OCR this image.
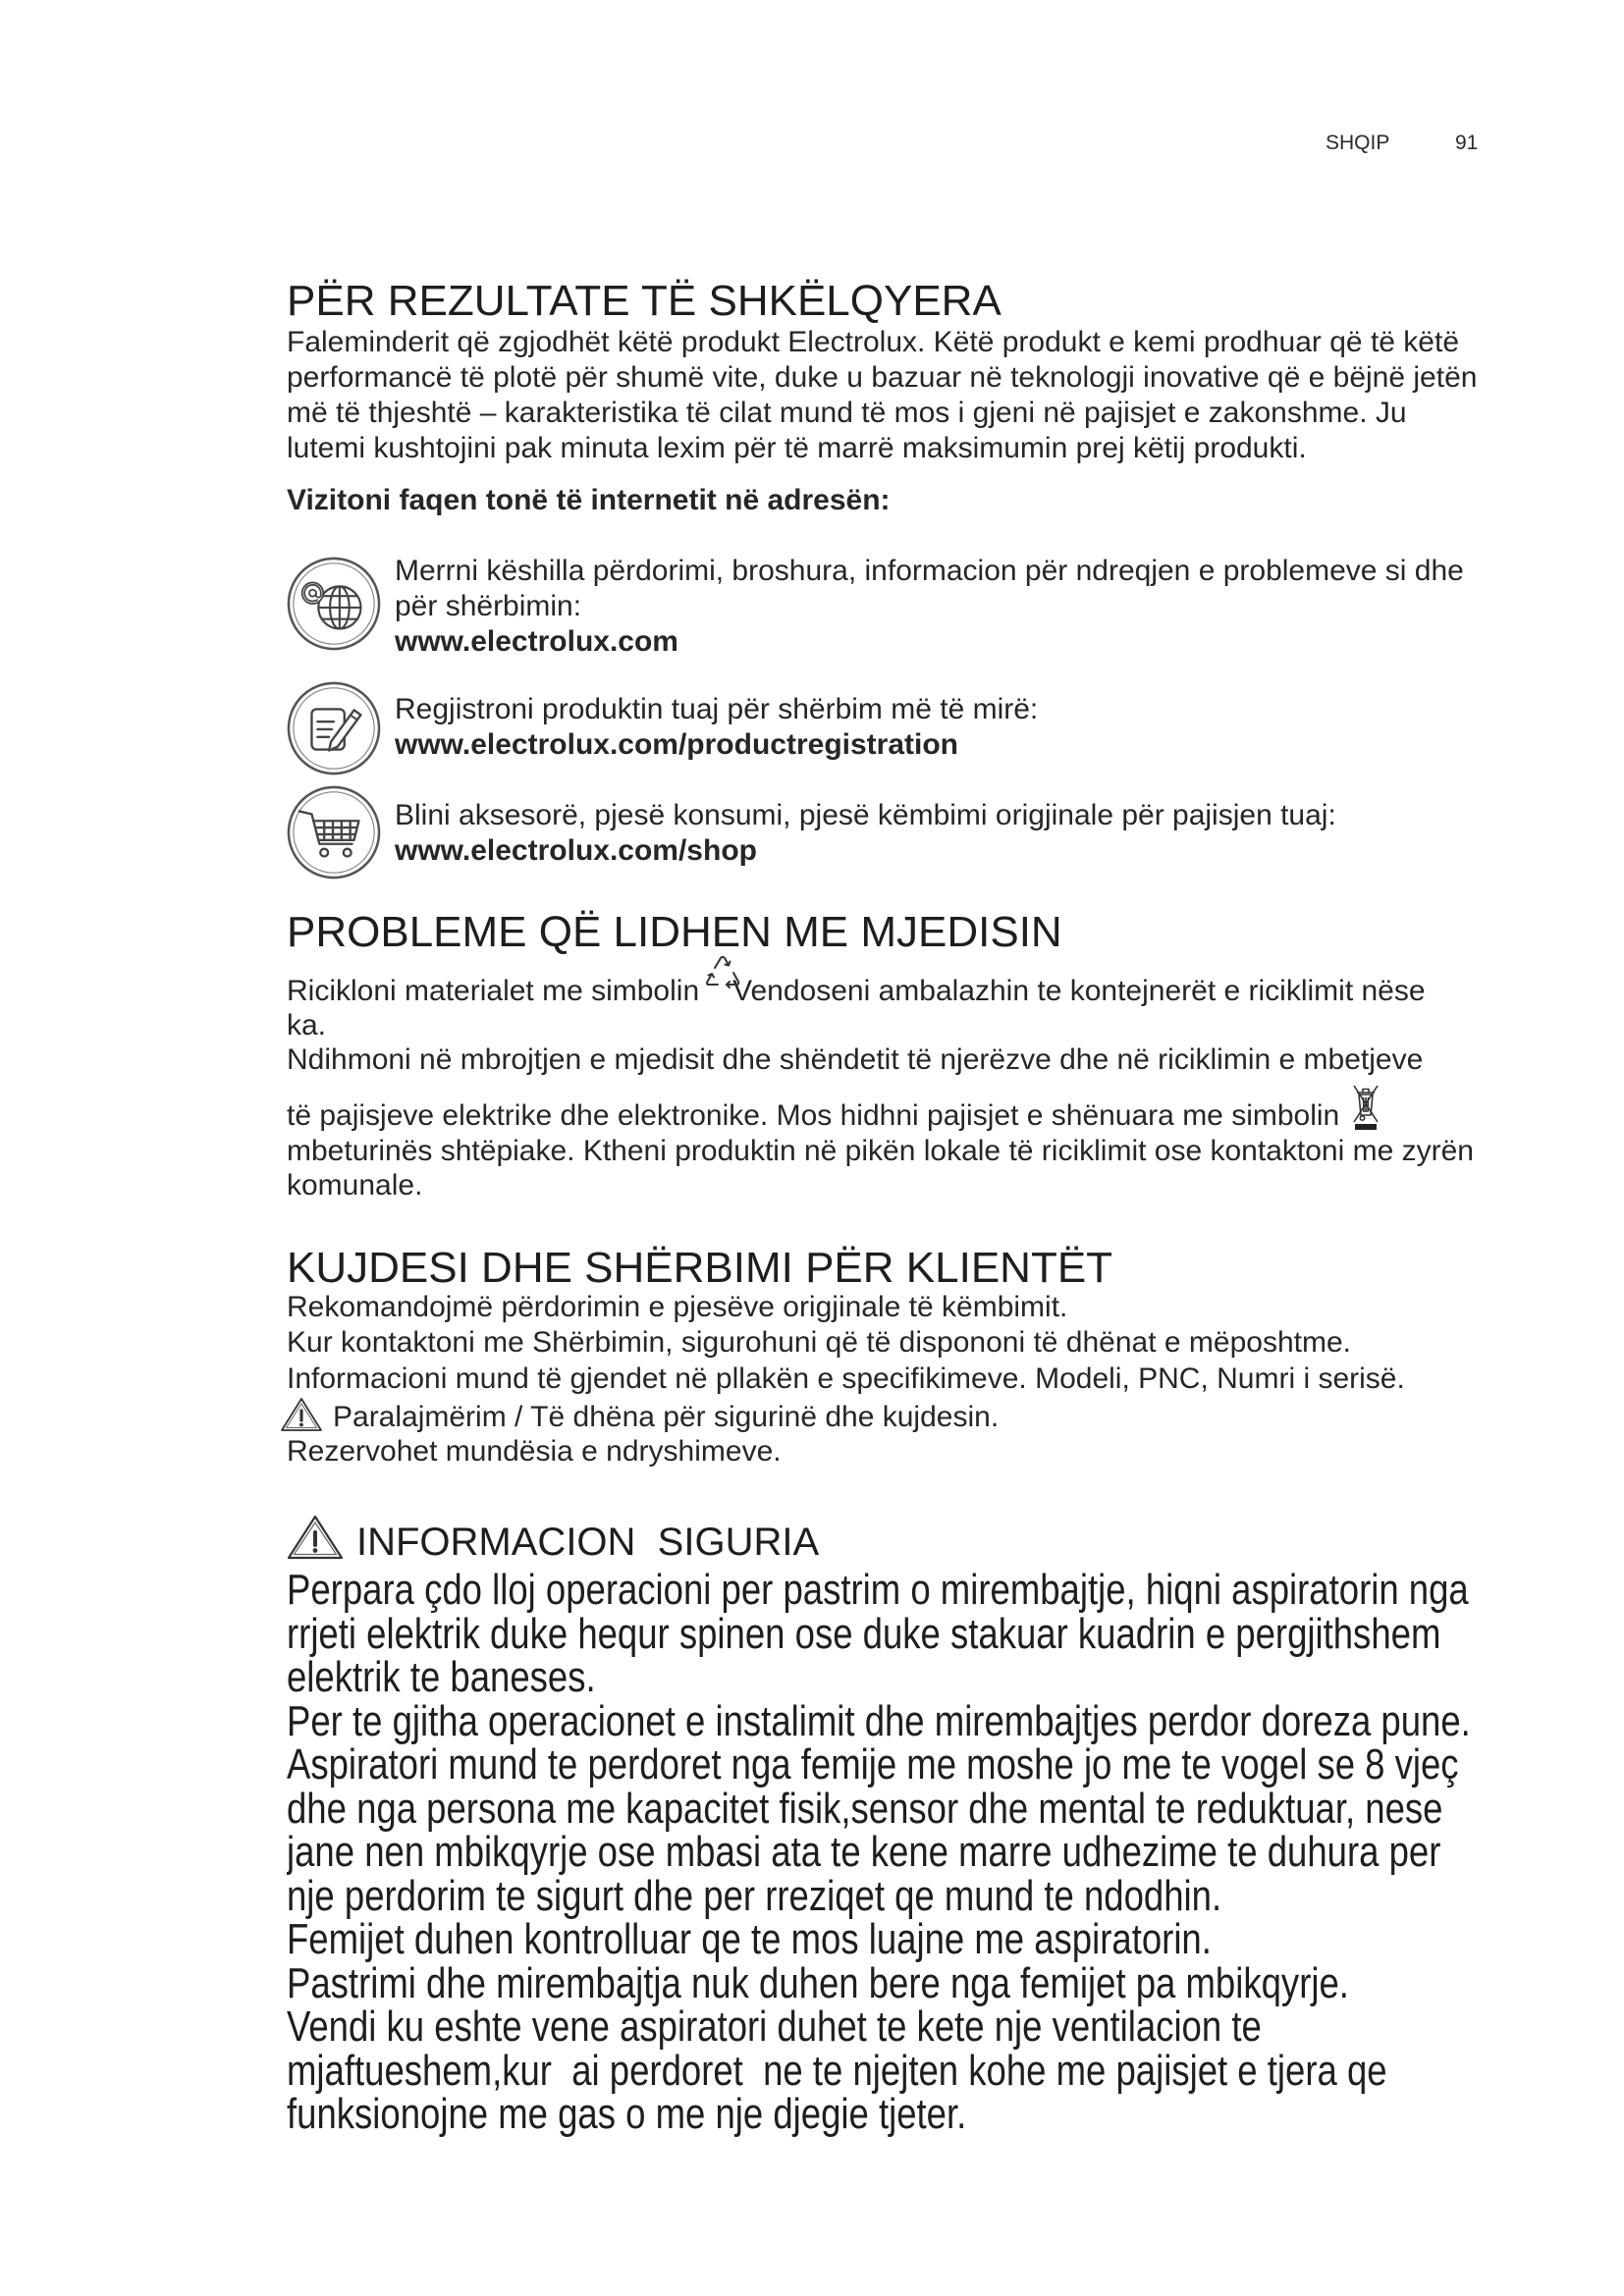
SHQIP	91
PËR REZULTATE TË SHKËLQYERA
Faleminderit që zgjodhët këtë produkt Electrolux. Këtë produkt e kemi prodhuar që të këtë
performancë të plotë për shumë vite, duke u bazuar në teknologji inovative që e bëjnë jetën
më të thjeshtë – karakteristika të cilat mund të mos i gjeni në pajisjet e zakonshme. Ju
lutemi kushtojini pak minuta lexim për të marrë maksimumin prej këtij produkti.
Vizitoni faqen tonë të internetit në adresën:
Merrni këshilla përdorimi, broshura, informacion për ndreqjen e problemeve si dhe
për shërbimin:
www.electrolux.com
Regjistroni produktin tuaj për shërbim më të mirë:
www.electrolux.com/productregistration
Blini aksesorë, pjesë konsumi, pjesë këmbimi origjinale për pajisjen tuaj:
www.electrolux.com/shop
PROBLEME QË LIDHEN ME MJEDISIN
Ricikloni materialet me simbolin Vendoseni ambalazhin te kontejnerët e riciklimit nëse
ka.
Ndihmoni në mbrojtjen e mjedisit dhe shëndetit të njerëzve dhe në riciklimin e mbetjeve
të pajisjeve elektrike dhe elektronike. Mos hidhni pajisjet e shënuara me simbolin
mbeturinës shtëpiake. Ktheni produktin në pikën lokale të riciklimit ose kontaktoni me zyrën
komunale.
KUJDESI DHE SHËRBIMI PËR KLIENTËT
Rekomandojmë përdorimin e pjesëve origjinale të këmbimit.
Kur kontaktoni me Shërbimin, sigurohuni që të dispononi të dhënat e mëposhtme.
Informacioni mund të gjendet në pllakën e specifikimeve. Modeli, PNC, Numri i serisë.
Paralajmërim / Të dhëna për sigurinë dhe kujdesin.
Rezervohet mundësia e ndryshimeve.
INFORMACION  SIGURIA
Perpara çdo lloj operacioni per pastrim o mirembajtje, hiqni aspiratorin nga
rrjeti elektrik duke hequr spinen ose duke stakuar kuadrin e pergjithshem
elektrik te baneses.
Per te gjitha operacionet e instalimit dhe mirembajtjes perdor doreza pune.
Aspiratori mund te perdoret nga femije me moshe jo me te vogel se 8 vjeç
dhe nga persona me kapacitet fisik,sensor dhe mental te reduktuar, nese
jane nen mbikqyrje ose mbasi ata te kene marre udhezime te duhura per
nje perdorim te sigurt dhe per rreziqet qe mund te ndodhin.
Femijet duhen kontrolluar qe te mos luajne me aspiratorin.
Pastrimi dhe mirembajtja nuk duhen bere nga femijet pa mbikqyrje.
Vendi ku eshte vene aspiratori duhet te kete nje ventilacion te
mjaftueshem,kur  ai perdoret  ne te njejten kohe me pajisjet e tjera qe
funksionojne me gas o me nje djegie tjeter.
